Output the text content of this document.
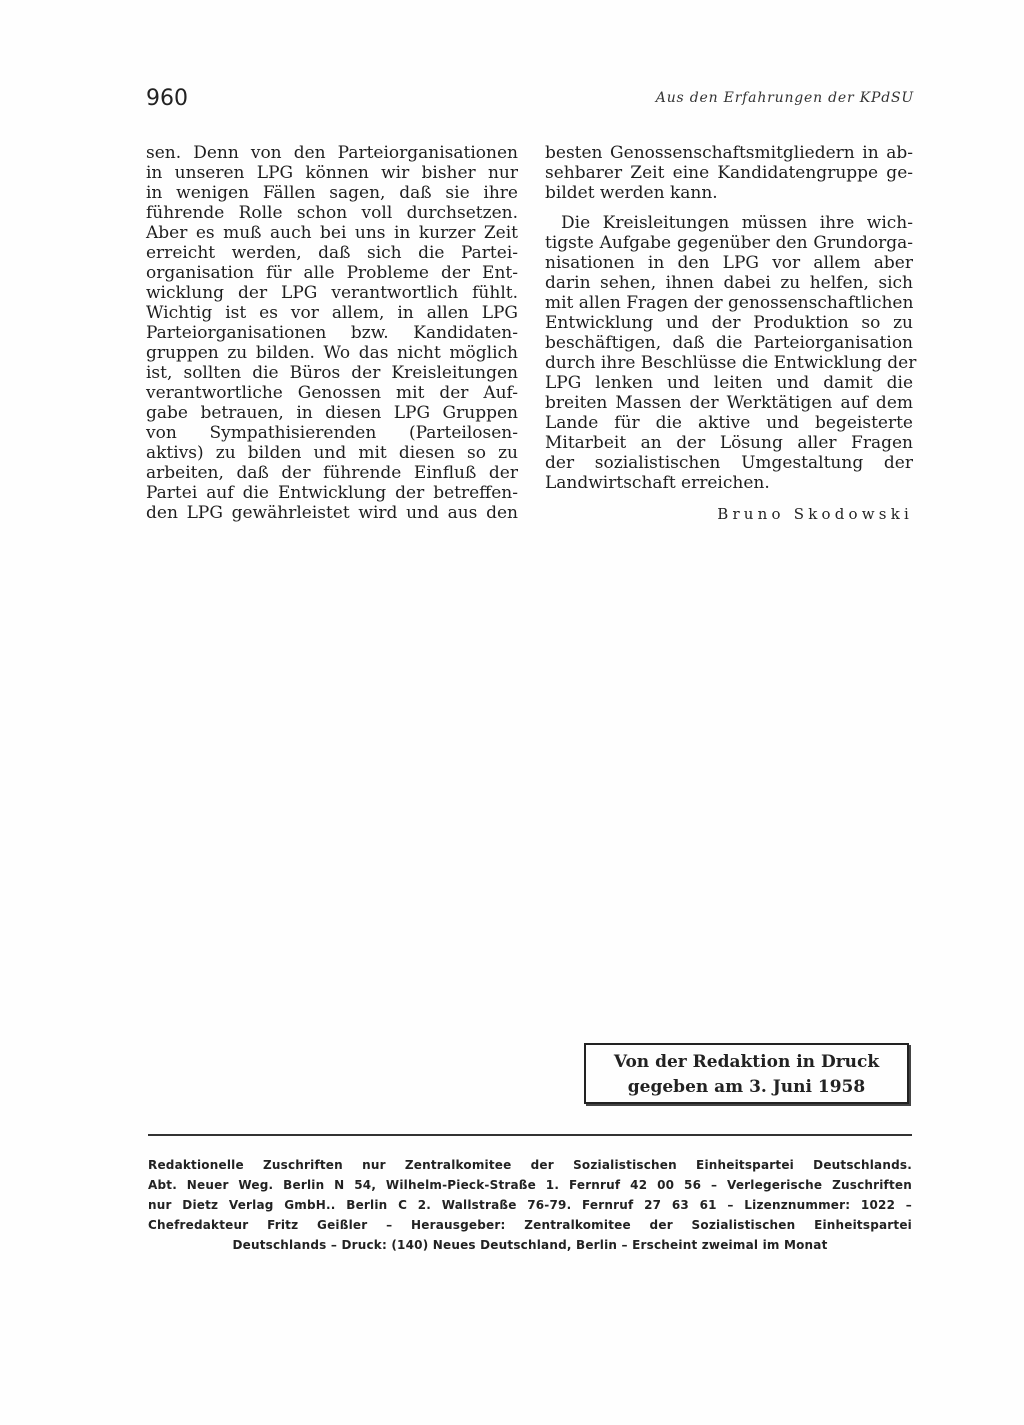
960	Aus den Erfahrungen der KPdSU
sen. Denn von den Parteiorganisationen
in unseren LPG können wir bisher nur
in wenigen Fällen sagen, daß sie ihre
führende Rolle schon voll durchsetzen.
Aber es muß auch bei uns in kurzer Zeit
erreicht werden, daß sich die Partei-
organisation für alle Probleme der Ent-
wicklung der LPG verantwortlich fühlt.
Wichtig ist es vor allem, in allen LPG
Parteiorganisationen bzw. Kandidaten-
gruppen zu bilden. Wo das nicht möglich
ist, sollten die Büros der Kreisleitungen
verantwortliche Genossen mit der Auf-
gabe betrauen, in diesen LPG Gruppen
von Sympathisierenden (Parteilosen-
aktivs) zu bilden und mit diesen so zu
arbeiten, daß der führende Einfluß der
Partei auf die Entwicklung der betreffen-
den LPG gewährleistet wird und aus den
besten Genossenschaftsmitgliedern in ab-
sehbarer Zeit eine Kandidatengruppe ge-
bildet werden kann.
Die Kreisleitungen müssen ihre wich-
tigste Aufgabe gegenüber den Grundorga-
nisationen in den LPG vor allem aber
darin sehen, ihnen dabei zu helfen, sich
mit allen Fragen der genossenschaftlichen
Entwicklung und der Produktion so zu
beschäftigen, daß die Parteiorganisation
durch ihre Beschlüsse die Entwicklung der
LPG lenken und leiten und damit die
breiten Massen der Werktätigen auf dem
Lande für die aktive und begeisterte
Mitarbeit an der Lösung aller Fragen
der sozialistischen Umgestaltung der
Landwirtschaft erreichen.
Bruno Skodowski
Von der Redaktion in Druck
gegeben am 3. Juni 1958
Redaktionelle Zuschriften nur Zentralkomitee der Sozialistischen Einheitspartei Deutschlands.
Abt. Neuer Weg. Berlin N 54, Wilhelm-Pieck-Straße 1. Fernruf 42 00 56 – Verlegerische Zuschriften
nur Dietz Verlag GmbH.. Berlin C 2. Wallstraße 76-79. Fernruf 27 63 61 – Lizenznummer: 1022 –
Chefredakteur Fritz Geißler – Herausgeber: Zentralkomitee der Sozialistischen Einheitspartei
Deutschlands – Druck: (140) Neues Deutschland, Berlin – Erscheint zweimal im Monat
